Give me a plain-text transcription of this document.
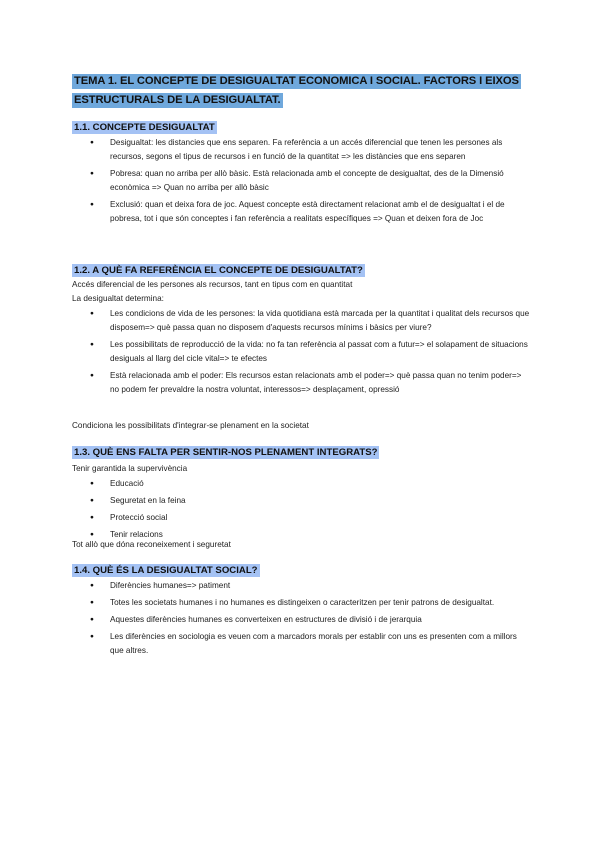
TEMA 1. EL CONCEPTE DE DESIGUALTAT ECONOMICA I SOCIAL. FACTORS I EIXOS ESTRUCTURALS DE LA DESIGUALTAT.
1.1. CONCEPTE DESIGUALTAT
● Desigualtat: les distancies que ens separen. Fa referència a un accés diferencial que tenen les persones als recursos, segons el tipus de recursos i en funció de la quantitat => les distàncies que ens separen
● Pobresa: quan no arriba per allò bàsic. Està relacionada amb el concepte de desigualtat, des de la Dimensió econòmica => Quan no arriba per allò bàsic
● Exclusió: quan et deixa fora de joc. Aquest concepte està directament relacionat amb el de desigualtat i el de pobresa, tot i que són conceptes i fan referència a realitats específiques => Quan et deixen fora de Joc
1.2. A QUÈ FA REFERÈNCIA EL CONCEPTE DE DESIGUALTAT?
Accés diferencial de les persones als recursos, tant en tipus com en quantitat
La desigualtat determina:
● Les condicions de vida de les persones: la vida quotidiana està marcada per la quantitat i qualitat dels recursos que disposem=> què passa quan no disposem d'aquests recursos mínims i bàsics per viure?
● Les possibilitats de reproducció de la vida: no fa tan referència al passat com a futur=> el solapament de situacions desiguals al llarg del cicle vital=> te efectes
● Està relacionada amb el poder: Els recursos estan relacionats amb el poder=> què passa quan no tenim poder=> no podem fer prevaldre la nostra voluntat, interessos=> desplaçament, opressió
Condiciona les possibilitats d'integrar-se plenament en la societat
1.3. QUÈ ENS FALTA PER SENTIR-NOS PLENAMENT INTEGRATS?
Tenir garantida la supervivència
● Educació
● Seguretat en la feina
● Protecció social
● Tenir relacions
Tot allò que dóna reconeixement i seguretat
1.4. QUÈ ÉS LA DESIGUALTAT SOCIAL?
● Diferències humanes=> patiment
● Totes les societats humanes i no humanes es distingeixen o caracteritzen per tenir patrons de desigualtat.
● Aquestes diferències humanes es converteixen en estructures de divisió i de jerarquia
● Les diferències en sociologia es veuen com a marcadors morals per establir con uns es presenten com a millors que altres.
